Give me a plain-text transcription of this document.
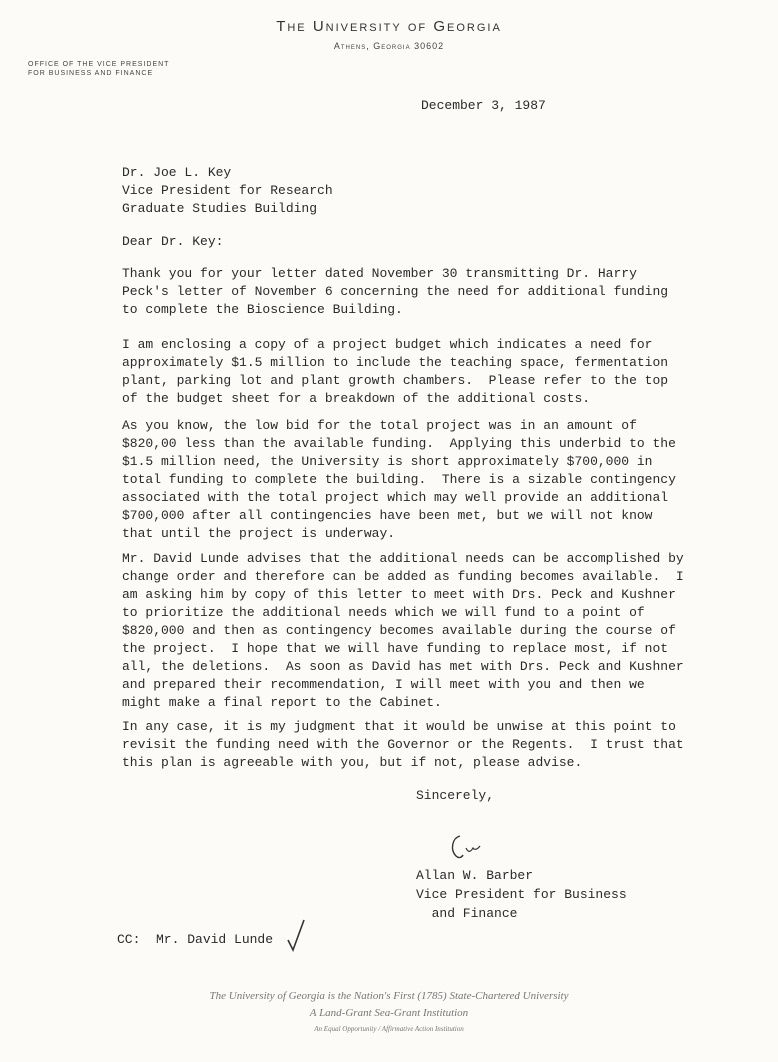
The University of Georgia
Athens, Georgia 30602
OFFICE OF THE VICE PRESIDENT
FOR BUSINESS AND FINANCE
December 3, 1987
Dr. Joe L. Key
Vice President for Research
Graduate Studies Building
Dear Dr. Key:
Thank you for your letter dated November 30 transmitting Dr. Harry
Peck's letter of November 6 concerning the need for additional funding
to complete the Bioscience Building.
I am enclosing a copy of a project budget which indicates a need for
approximately $1.5 million to include the teaching space, fermentation
plant, parking lot and plant growth chambers.  Please refer to the top
of the budget sheet for a breakdown of the additional costs.
As you know, the low bid for the total project was in an amount of
$820,00 less than the available funding.  Applying this underbid to the
$1.5 million need, the University is short approximately $700,000 in
total funding to complete the building.  There is a sizable contingency
associated with the total project which may well provide an additional
$700,000 after all contingencies have been met, but we will not know
that until the project is underway.
Mr. David Lunde advises that the additional needs can be accomplished by
change order and therefore can be added as funding becomes available.  I
am asking him by copy of this letter to meet with Drs. Peck and Kushner
to prioritize the additional needs which we will fund to a point of
$820,000 and then as contingency becomes available during the course of
the project.  I hope that we will have funding to replace most, if not
all, the deletions.  As soon as David has met with Drs. Peck and Kushner
and prepared their recommendation, I will meet with you and then we
might make a final report to the Cabinet.
In any case, it is my judgment that it would be unwise at this point to
revisit the funding need with the Governor or the Regents.  I trust that
this plan is agreeable with you, but if not, please advise.
Sincerely,
Allan W. Barber
Vice President for Business
and Finance
CC:  Mr. David Lunde
The University of Georgia is the Nation's First (1785) State-Chartered University
A Land-Grant Sea-Grant Institution
An Equal Opportunity / Affirmative Action Institution
